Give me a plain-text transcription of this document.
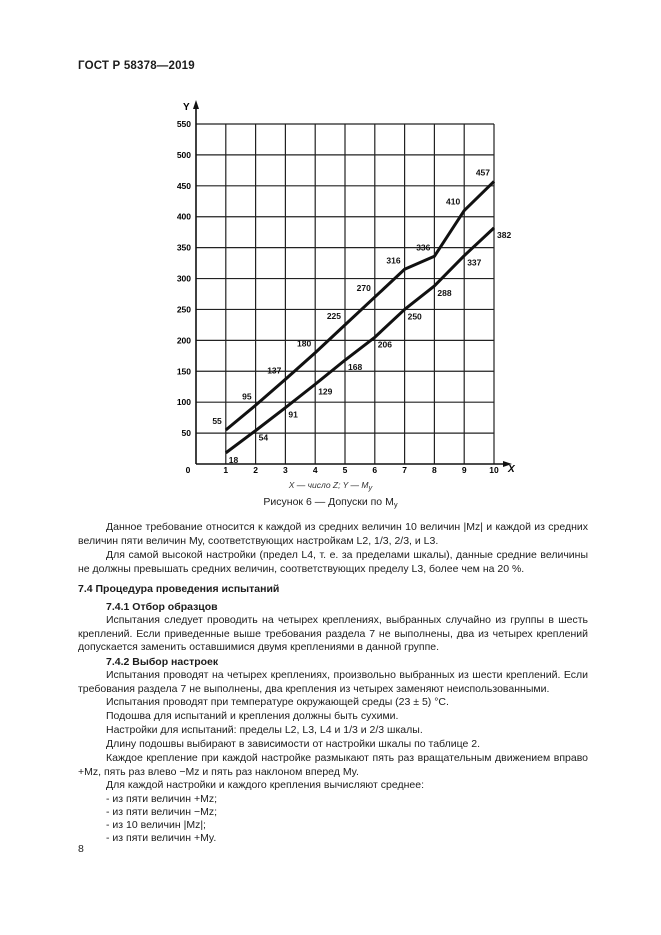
ГОСТ Р 58378—2019
X
Y
0	1	2	3	4	5	6	7	8	9	10
50
100
150
200
250
300
350
400
450
500
550
55
95
137
180
225
270
316
336
410
457
18
54
91
129
168
206
250
288
337
382
X — число Z; Y — $M_y$
Рисунок 6 — Допуски по $M_y$
Данное требование относится к каждой из средних величин 10 величин |Mz| и каждой из средних величин пяти величин My, соответствующих настройкам L2, 1/3, 2/3, и L3.
Для самой высокой настройки (предел L4, т. е. за пределами шкалы), данные средние величины не должны превышать средних величин, соответствующих пределу L3, более чем на 20 %.
7.4 Процедура проведения испытаний
7.4.1 Отбор образцов
Испытания следует проводить на четырех креплениях, выбранных случайно из группы в шесть креплений. Если приведенные выше требования раздела 7 не выполнены, два из четырех креплений допускается заменить оставшимися двумя креплениями в данной группе.
7.4.2 Выбор настроек
Испытания проводят на четырех креплениях, произвольно выбранных из шести креплений. Если требования раздела 7 не выполнены, два крепления из четырех заменяют неиспользованными.
Испытания проводят при температуре окружающей среды (23 ± 5) °C.
Подошва для испытаний и крепления должны быть сухими.
Настройки для испытаний: пределы L2, L3, L4 и 1/3 и 2/3 шкалы.
Длину подошвы выбирают в зависимости от настройки шкалы по таблице 2.
Каждое крепление при каждой настройке размыкают пять раз вращательным движением вправо +Mz, пять раз влево −Mz и пять раз наклоном вперед My.
Для каждой настройки и каждого крепления вычисляют среднее:
- из пяти величин +Mz;
- из пяти величин −Mz;
- из 10 величин |Mz|;
- из пяти величин +My.
8
